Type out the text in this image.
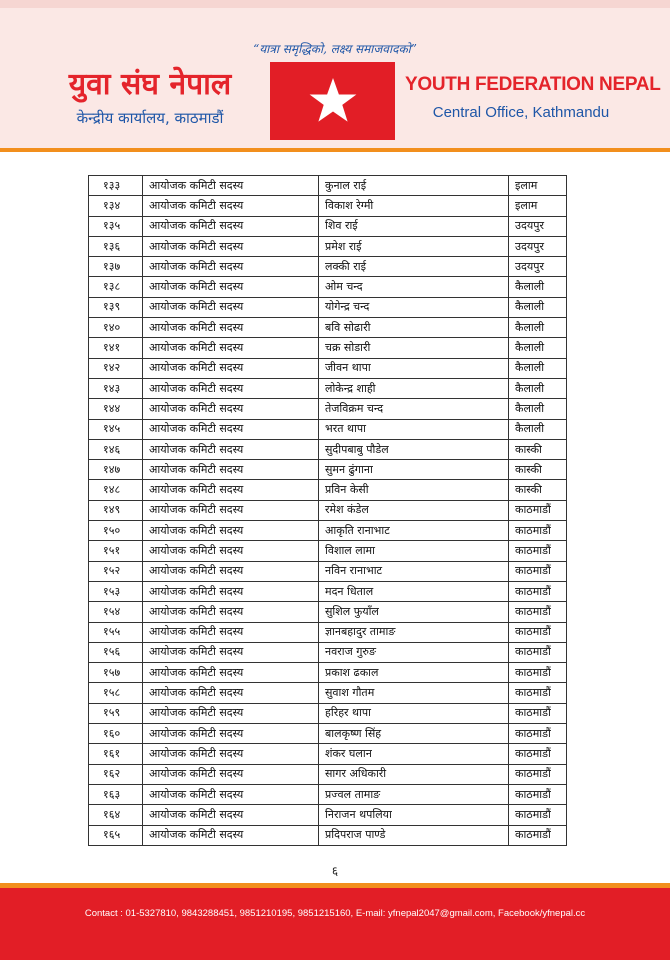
“यात्रा समृद्धिको, लक्ष्य समाजवादको”
युवा संघ नेपाल
केन्द्रीय कार्यालय, काठमाडौं
YOUTH FEDERATION NEPAL
Central Office, Kathmandu
१३३	आयोजक कमिटी सदस्य	कुनाल राई	इलाम
१३४	आयोजक कमिटी सदस्य	विकाश रेग्मी	इलाम
१३५	आयोजक कमिटी सदस्य	शिव राई	उदयपुर
१३६	आयोजक कमिटी सदस्य	प्रमेश राई	उदयपुर
१३७	आयोजक कमिटी सदस्य	लक्की राई	उदयपुर
१३८	आयोजक कमिटी सदस्य	ओम चन्द	कैलाली
१३९	आयोजक कमिटी सदस्य	योगेन्द्र चन्द	कैलाली
१४०	आयोजक कमिटी सदस्य	बवि सोढारी	कैलाली
१४१	आयोजक कमिटी सदस्य	चक्र सोडारी	कैलाली
१४२	आयोजक कमिटी सदस्य	जीवन थापा	कैलाली
१४३	आयोजक कमिटी सदस्य	लोकेन्द्र शाही	कैलाली
१४४	आयोजक कमिटी सदस्य	तेजविक्रम चन्द	कैलाली
१४५	आयोजक कमिटी सदस्य	भरत थापा	कैलाली
१४६	आयोजक कमिटी सदस्य	सुदीपबाबु पौडेल	कास्की
१४७	आयोजक कमिटी सदस्य	सुमन ढुंगाना	कास्की
१४८	आयोजक कमिटी सदस्य	प्रविन केसी	कास्की
१४९	आयोजक कमिटी सदस्य	रमेश कंडेल	काठमाडौं
१५०	आयोजक कमिटी सदस्य	आकृति रानाभाट	काठमाडौं
१५१	आयोजक कमिटी सदस्य	विशाल लामा	काठमाडौं
१५२	आयोजक कमिटी सदस्य	नविन रानाभाट	काठमाडौं
१५३	आयोजक कमिटी सदस्य	मदन धिताल	काठमाडौं
१५४	आयोजक कमिटी सदस्य	सुशिल फुयाँल	काठमाडौं
१५५	आयोजक कमिटी सदस्य	ज्ञानबहादुर तामाङ	काठमाडौं
१५६	आयोजक कमिटी सदस्य	नवराज गुरुङ	काठमाडौं
१५७	आयोजक कमिटी सदस्य	प्रकाश ढकाल	काठमाडौं
१५८	आयोजक कमिटी सदस्य	सुवाश गौतम	काठमाडौं
१५९	आयोजक कमिटी सदस्य	हरिहर थापा	काठमाडौं
१६०	आयोजक कमिटी सदस्य	बालकृष्ण सिंह	काठमाडौं
१६१	आयोजक कमिटी सदस्य	शंकर घलान	काठमाडौं
१६२	आयोजक कमिटी सदस्य	सागर अधिकारी	काठमाडौं
१६३	आयोजक कमिटी सदस्य	प्रज्वल तामाङ	काठमाडौं
१६४	आयोजक कमिटी सदस्य	निराजन थपलिया	काठमाडौं
१६५	आयोजक कमिटी सदस्य	प्रदिपराज पाण्डे	काठमाडौं
६
Contact : 01-5327810, 9843288451, 9851210195, 9851215160, E-mail: yfnepal2047@gmail.com, Facebook/yfnepal.cc
